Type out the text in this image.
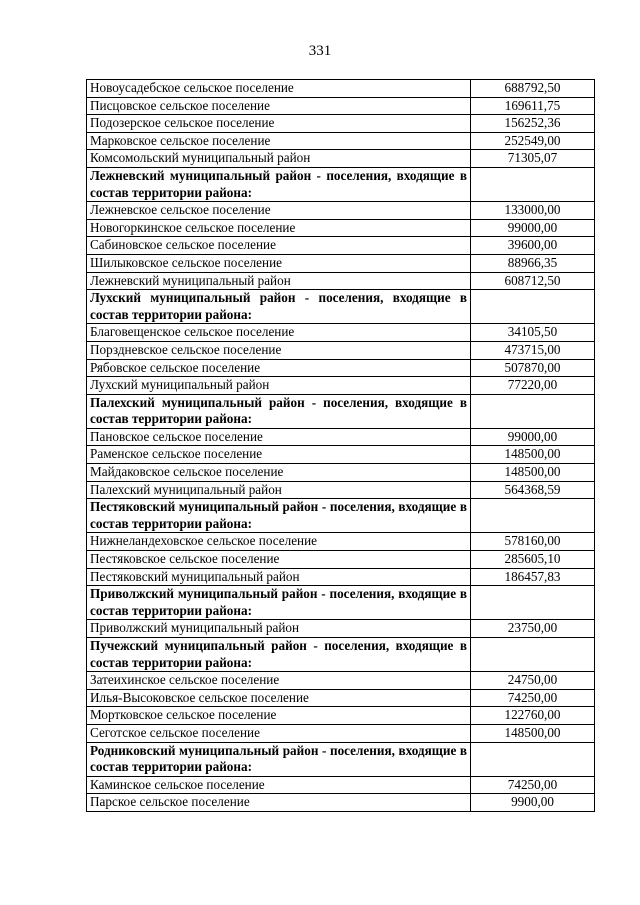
331
Новоусадебское сельское поселение	688792,50
Писцовское сельское поселение	169611,75
Подозерское сельское поселение	156252,36
Марковское сельское поселение	252549,00
Комсомольский муниципальный район	71305,07
Лежневский муниципальный район - поселения, входящие в состав территории района:	
Лежневское сельское поселение	133000,00
Новогоркинское сельское поселение	99000,00
Сабиновское сельское поселение	39600,00
Шилыковское сельское поселение	88966,35
Лежневский муниципальный район	608712,50
Лухский муниципальный район - поселения, входящие в состав территории района:	
Благовещенское сельское поселение	34105,50
Порздневское сельское поселение	473715,00
Рябовское сельское поселение	507870,00
Лухский муниципальный район	77220,00
Палехский муниципальный район - поселения, входящие в состав территории района:	
Пановское сельское поселение	99000,00
Раменское сельское поселение	148500,00
Майдаковское сельское поселение	148500,00
Палехский муниципальный район	564368,59
Пестяковский муниципальный район - поселения, входящие в состав территории района:	
Нижнеландеховское сельское поселение	578160,00
Пестяковское сельское поселение	285605,10
Пестяковский муниципальный район	186457,83
Приволжский муниципальный район - поселения, входящие в состав территории района:	
Приволжский муниципальный район	23750,00
Пучежский муниципальный район - поселения, входящие в состав территории района:	
Затеихинское сельское поселение	24750,00
Илья-Высоковское сельское поселение	74250,00
Мортковское сельское поселение	122760,00
Сеготское сельское поселение	148500,00
Родниковский муниципальный район - поселения, входящие в состав территории района:	
Каминское сельское поселение	74250,00
Парское сельское поселение	9900,00
